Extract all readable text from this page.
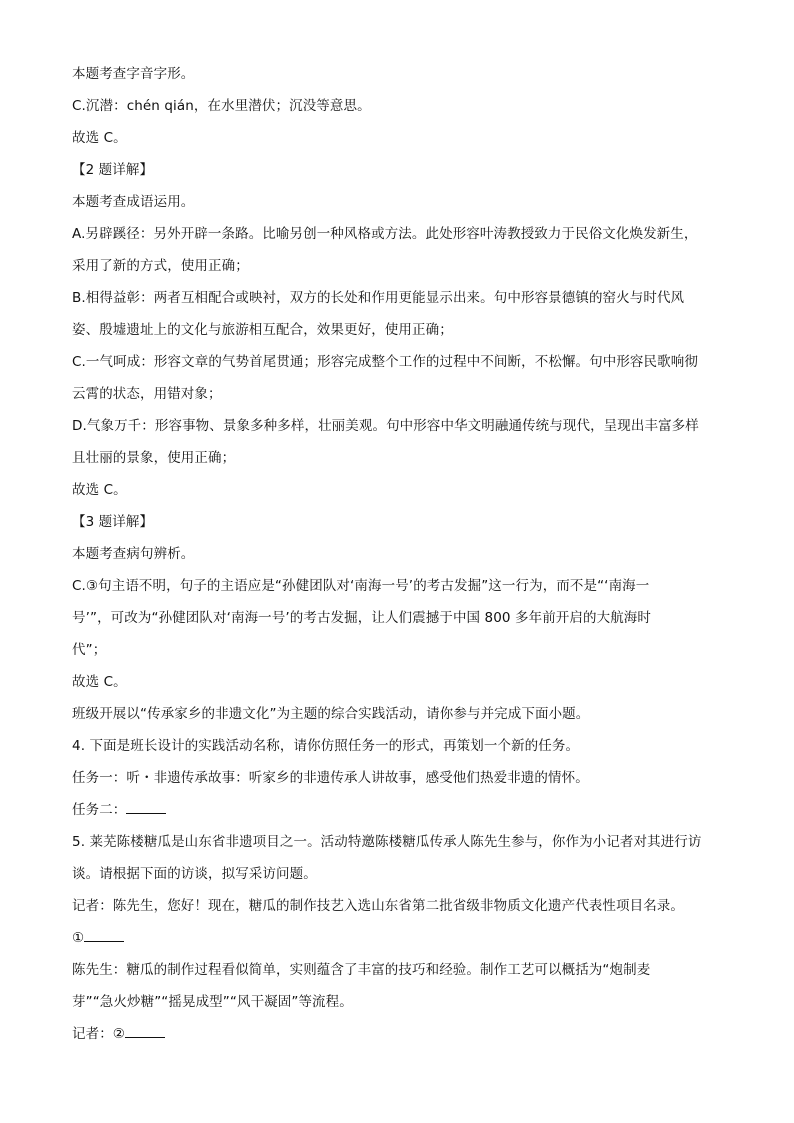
本题考查字音字形。
C.沉潜：chén qián，在水里潜伏；沉没等意思。
故选 C。
【2 题详解】
本题考查成语运用。
A.另辟蹊径：另外开辟一条路。比喻另创一种风格或方法。此处形容叶涛教授致力于民俗文化焕发新生，
采用了新的方式，使用正确；
B.相得益彰：两者互相配合或映衬，双方的长处和作用更能显示出来。句中形容景德镇的窑火与时代风
姿、殷墟遗址上的文化与旅游相互配合，效果更好，使用正确；
C.一气呵成：形容文章的气势首尾贯通；形容完成整个工作的过程中不间断，不松懈。句中形容民歌响彻
云霄的状态，用错对象；
D.气象万千：形容事物、景象多种多样，壮丽美观。句中形容中华文明融通传统与现代，呈现出丰富多样
且壮丽的景象，使用正确；
故选 C。
【3 题详解】
本题考查病句辨析。
C.③句主语不明，句子的主语应是“孙健团队对‘南海一号’的考古发掘”这一行为，而不是“‘南海一
号’”，可改为“孙健团队对‘南海一号’的考古发掘，让人们震撼于中国 800 多年前开启的大航海时
代”；
故选 C。
班级开展以“传承家乡的非遗文化”为主题的综合实践活动，请你参与并完成下面小题。
4. 下面是班长设计的实践活动名称，请你仿照任务一的形式，再策划一个新的任务。
任务一：听・非遗传承故事：听家乡的非遗传承人讲故事，感受他们热爱非遗的情怀。
任务二：
5. 莱芜陈楼糖瓜是山东省非遗项目之一。活动特邀陈楼糖瓜传承人陈先生参与，你作为小记者对其进行访
谈。请根据下面的访谈，拟写采访问题。
记者：陈先生，您好！现在，糖瓜的制作技艺入选山东省第二批省级非物质文化遗产代表性项目名录。
①
陈先生：糖瓜的制作过程看似简单，实则蕴含了丰富的技巧和经验。制作工艺可以概括为“炮制麦
芽”“急火炒糖”“摇晃成型”“风干凝固”等流程。
记者：②
